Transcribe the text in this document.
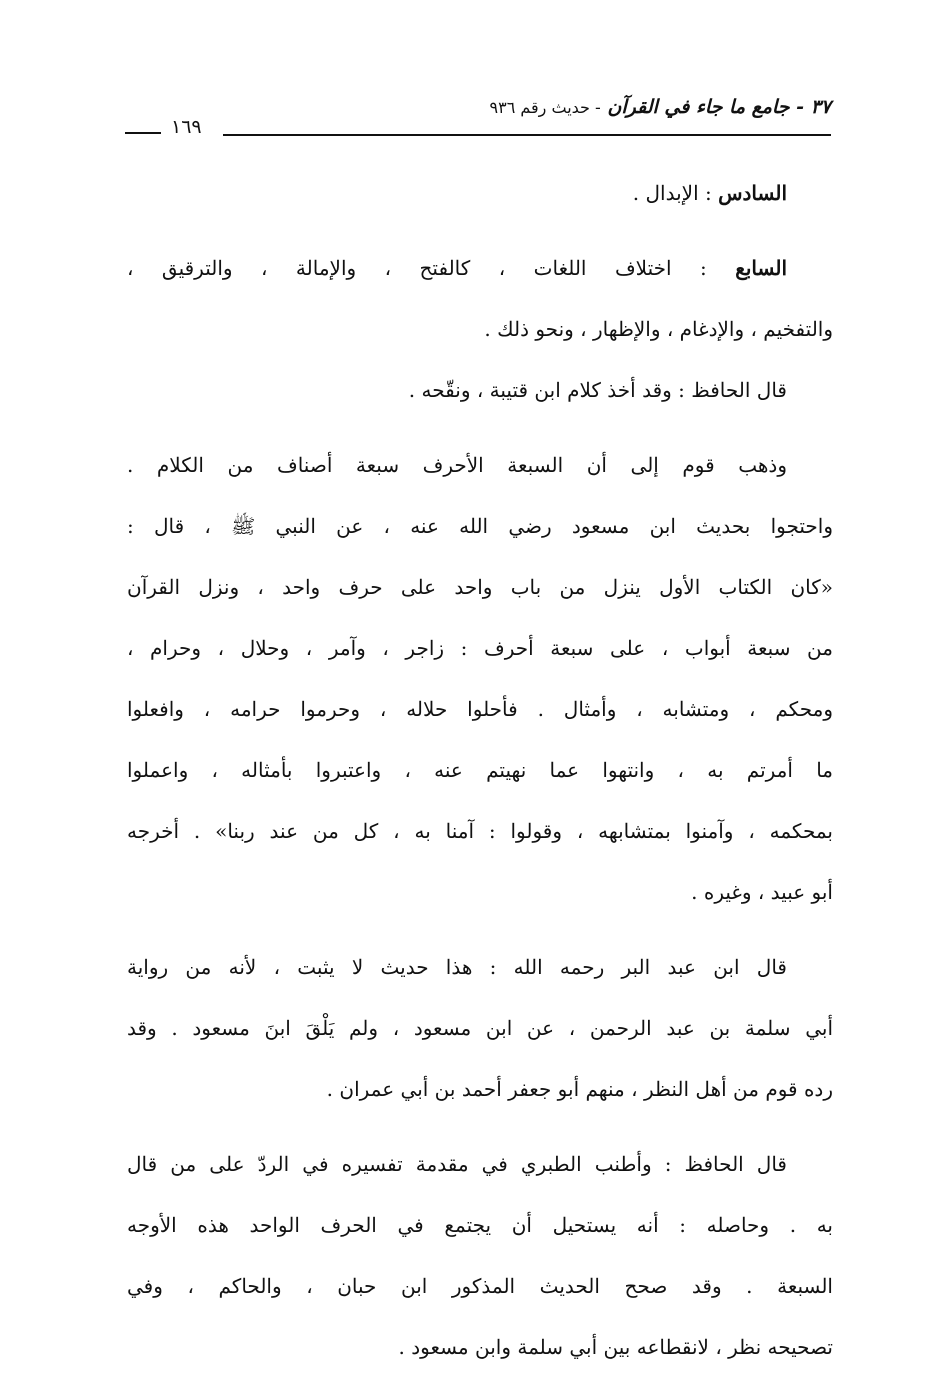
٣٧ - جامع ما جاء في القرآن - حديث رقم ٩٣٦
١٦٩

السادس : الإبدال .

السابع : اختلاف اللغات ، كالفتح ، والإمالة ، والترقيق ،
والتفخيم ، والإدغام ، والإظهار ، ونحو ذلك .

قال الحافظ : وقد أخذ كلام ابن قتيبة ، ونقّحه .

وذهب قوم إلى أن السبعة الأحرف سبعة أصناف من الكلام .
واحتجوا بحديث ابن مسعود رضي الله عنه ، عن النبي ﷺ ، قال :
«كان الكتاب الأول ينزل من باب واحد على حرف واحد ، ونزل القرآن
من سبعة أبواب ، على سبعة أحرف : زاجر ، وآمر ، وحلال ، وحرام ،
ومحكم ، ومتشابه ، وأمثال . فأحلوا حلاله ، وحرموا حرامه ، وافعلوا
ما أمرتم به ، وانتهوا عما نهيتم عنه ، واعتبروا بأمثاله ، واعملوا
بمحكمه ، وآمنوا بمتشابهه ، وقولوا : آمنا به ، كل من عند ربنا» . أخرجه
أبو عبيد ، وغيره .

قال ابن عبد البر رحمه الله : هذا حديث لا يثبت ، لأنه من رواية
أبي سلمة بن عبد الرحمن ، عن ابن مسعود ، ولم يَلْقَ ابنَ مسعود . وقد
رده قوم من أهل النظر ، منهم أبو جعفر أحمد بن أبي عمران .

قال الحافظ : وأطنب الطبري في مقدمة تفسيره في الردّ على من قال
به . وحاصله : أنه يستحيل أن يجتمع في الحرف الواحد هذه الأوجه
السبعة . وقد صحح الحديث المذكور ابن حبان ، والحاكم ، وفي
تصحيحه نظر ، لانقطاعه بين أبي سلمة وابن مسعود .
